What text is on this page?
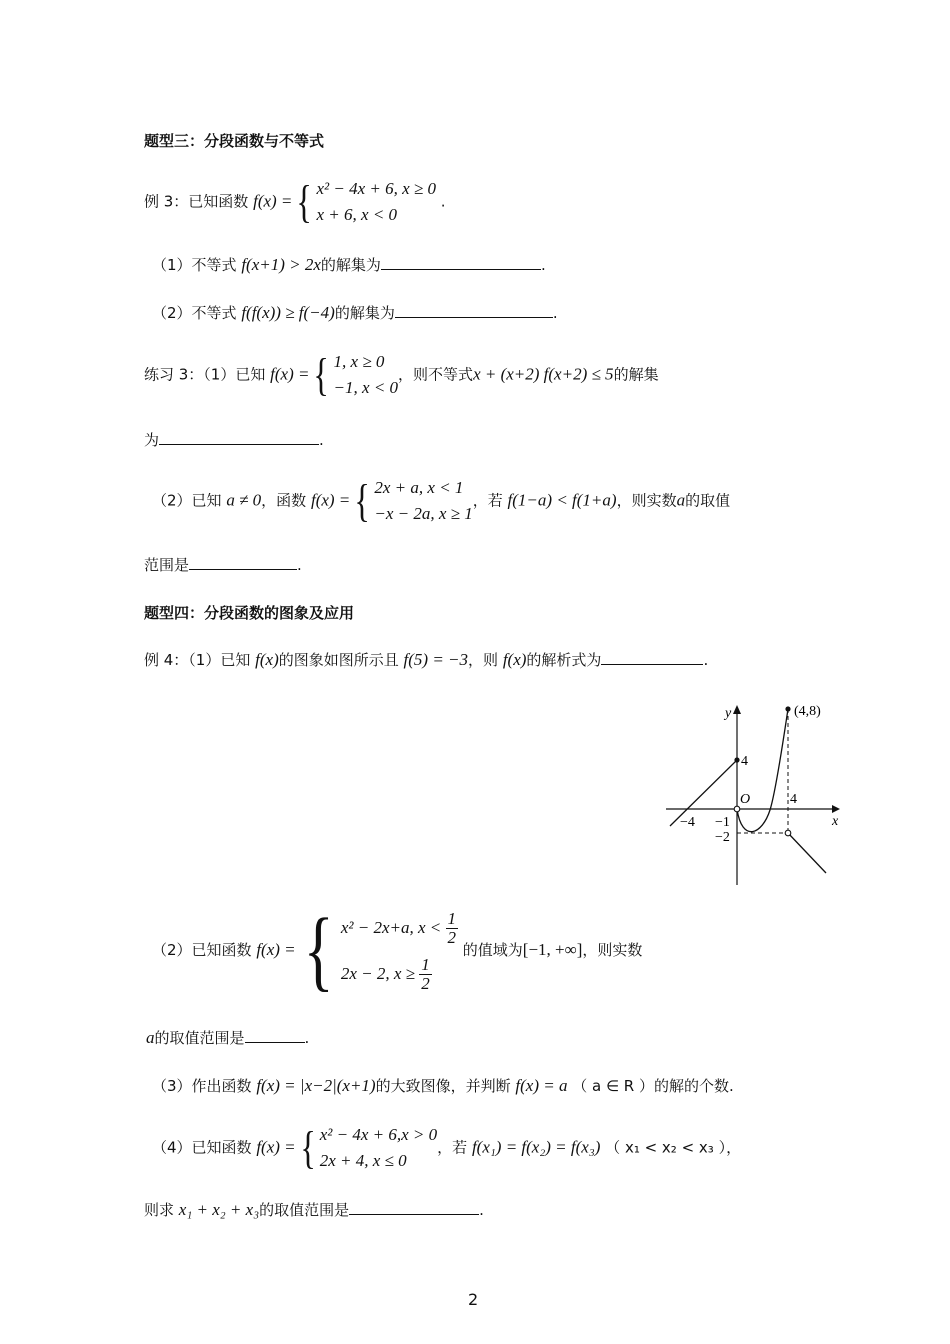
题型三：分段函数与不等式
例 3：已知函数 f(x) ={ x² − 4x + 6, x ≥ 0
x + 6, x < 0
.
（1）不等式 f(x+1) > 2x的解集为	.
（2）不等式 f(f(x)) ≥ f(−4)的解集为	.
练习 3：（1）已知 f(x) ={ 1, x ≥ 0
−1, x < 0
，则不等式x + (x+2) f(x+2) ≤ 5的解集
为	.
（2）已知 a ≠ 0，函数 f(x) ={ 2x + a, x < 1
−x − 2a, x ≥ 1
，若 f(1−a) < f(1+a)，则实数a的取值
范围是	.
题型四：分段函数的图象及应用
例 4：（1）已知 f(x)的图象如图所示且 f(5) = −3，则 f(x)的解析式为	.
y
x
(4,8)
4
4
O
−4 −1
−2
（2）已知函数 f(x) ={ x² − 2x+a, $x < \frac{1}{2}$
2x − 2, $x \ge \frac{1}{2}$
的值域为[−1, +∞]，则实数
a的取值范围是	.
（3）作出函数 f(x) = |x−2|(x+1)的大致图像，并判断 f(x) = a （ a ∈ R ）的解的个数.
（4）已知函数 f(x) ={ x² − 4x + 6,x > 0
2x + 4, x ≤ 0
，若 f(x₁) = f(x₂) = f(x₃) （ x₁ < x₂ < x₃ ），
则求 x₁ + x₂ + x₃的取值范围是	.
2
